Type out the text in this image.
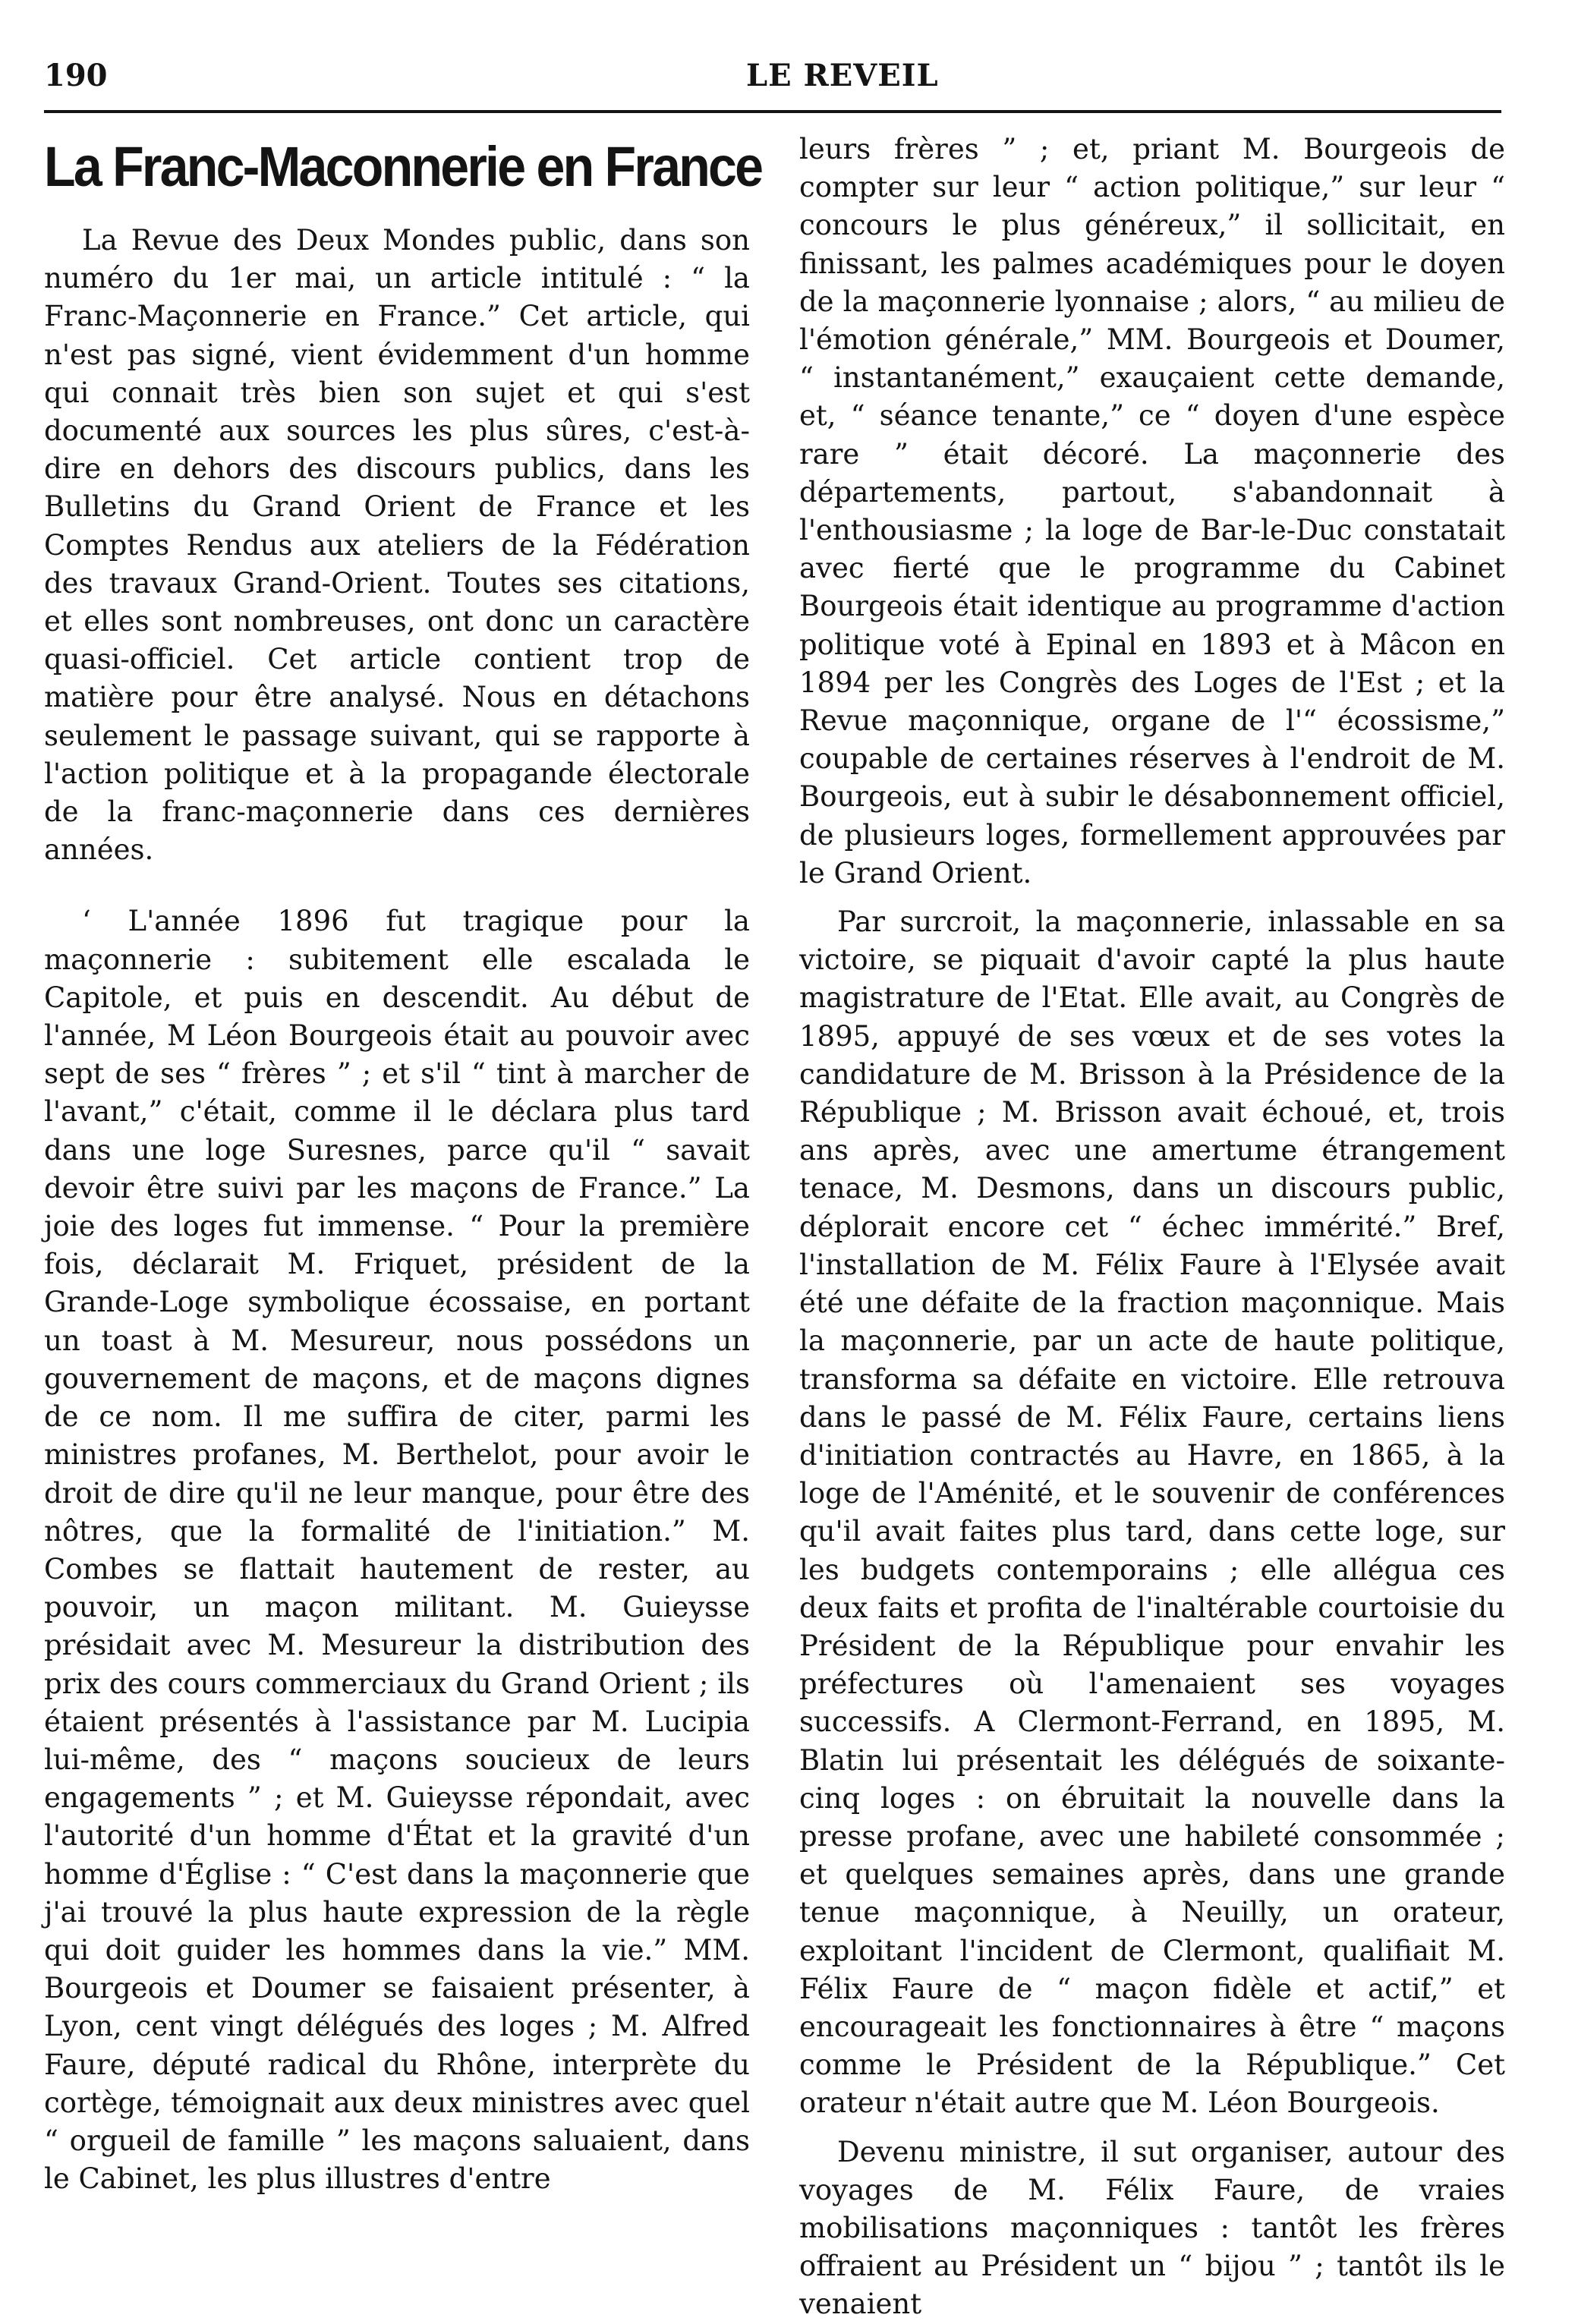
190	LE REVEIL
La Franc-Maconnerie en France

La Revue des Deux Mondes public, dans son numéro du 1er mai, un article intitulé : “ la Franc-Maçonnerie en France.” Cet article, qui n'est pas signé, vient évidemment d'un homme qui connait très bien son sujet et qui s'est documenté aux sources les plus sûres, c'est-à-dire en dehors des discours publics, dans les Bulletins du Grand Orient de France et les Comptes Rendus aux ateliers de la Fédération des travaux Grand-Orient. Toutes ses citations, et elles sont nombreuses, ont donc un caractère quasi-officiel. Cet article contient trop de matière pour être analysé. Nous en détachons seulement le passage suivant, qui se rapporte à l'action politique et à la propagande électorale de la franc-maçonnerie dans ces dernières années.

‘ L'année 1896 fut tragique pour la maçonnerie : subitement elle escalada le Capitole, et puis en descendit. Au début de l'année, M Léon Bourgeois était au pouvoir avec sept de ses “ frères ” ; et s'il “ tint à marcher de l'avant,” c'était, comme il le déclara plus tard dans une loge Suresnes, parce qu'il “ savait devoir être suivi par les maçons de France.” La joie des loges fut immense. “ Pour la première fois, déclarait M. Friquet, président de la Grande-Loge symbolique écossaise, en portant un toast à M. Mesureur, nous possédons un gouvernement de maçons, et de maçons dignes de ce nom. Il me suffira de citer, parmi les ministres profanes, M. Berthelot, pour avoir le droit de dire qu'il ne leur manque, pour être des nôtres, que la formalité de l'initiation.” M. Combes se flattait hautement de rester, au pouvoir, un maçon militant. M. Guieysse présidait avec M. Mesureur la distribution des prix des cours commerciaux du Grand Orient ; ils étaient présentés à l'assistance par M. Lucipia lui-même, des “ maçons soucieux de leurs engagements ” ; et M. Guieysse répondait, avec l'autorité d'un homme d'État et la gravité d'un homme d'Église : “ C'est dans la maçonnerie que j'ai trouvé la plus haute expression de la règle qui doit guider les hommes dans la vie.” MM. Bourgeois et Doumer se faisaient présenter, à Lyon, cent vingt délégués des loges ; M. Alfred Faure, député radical du Rhône, interprète du cortège, témoignait aux deux ministres avec quel “ orgueil de famille ” les maçons saluaient, dans le Cabinet, les plus illustres d'entre

leurs frères ” ; et, priant M. Bourgeois de compter sur leur “ action politique,” sur leur “ concours le plus généreux,” il sollicitait, en finissant, les palmes académiques pour le doyen de la maçonnerie lyonnaise ; alors, “ au milieu de l'émotion générale,” MM. Bourgeois et Doumer, “ instantanément,” exauçaient cette demande, et, “ séance tenante,” ce “ doyen d'une espèce rare ” était décoré. La maçonnerie des départements, partout, s'abandonnait à l'enthousiasme ; la loge de Bar-le-Duc constatait avec fierté que le programme du Cabinet Bourgeois était identique au programme d'action politique voté à Epinal en 1893 et à Mâcon en 1894 per les Congrès des Loges de l'Est ; et la Revue maçonnique, organe de l'“ écossisme,” coupable de certaines réserves à l'endroit de M. Bourgeois, eut à subir le désabonnement officiel, de plusieurs loges, formellement approuvées par le Grand Orient.

Par surcroit, la maçonnerie, inlassable en sa victoire, se piquait d'avoir capté la plus haute magistrature de l'Etat. Elle avait, au Congrès de 1895, appuyé de ses vœux et de ses votes la candidature de M. Brisson à la Présidence de la République ; M. Brisson avait échoué, et, trois ans après, avec une amertume étrangement tenace, M. Desmons, dans un discours public, déplorait encore cet “ échec immérité.” Bref, l'installation de M. Félix Faure à l'Elysée avait été une défaite de la fraction maçonnique. Mais la maçonnerie, par un acte de haute politique, transforma sa défaite en victoire. Elle retrouva dans le passé de M. Félix Faure, certains liens d'initiation contractés au Havre, en 1865, à la loge de l'Aménité, et le souvenir de conférences qu'il avait faites plus tard, dans cette loge, sur les budgets contemporains ; elle allégua ces deux faits et profita de l'inaltérable courtoisie du Président de la République pour envahir les préfectures où l'amenaient ses voyages successifs. A Clermont-Ferrand, en 1895, M. Blatin lui présentait les délégués de soixante-cinq loges : on ébruitait la nouvelle dans la presse profane, avec une habileté consommée ; et quelques semaines après, dans une grande tenue maçonnique, à Neuilly, un orateur, exploitant l'incident de Clermont, qualifiait M. Félix Faure de “ maçon fidèle et actif,” et encourageait les fonctionnaires à être “ maçons comme le Président de la République.” Cet orateur n'était autre que M. Léon Bourgeois.

Devenu ministre, il sut organiser, autour des voyages de M. Félix Faure, de vraies mobilisations maçonniques : tantôt les frères offraient au Président un “ bijou ” ; tantôt ils le venaient
